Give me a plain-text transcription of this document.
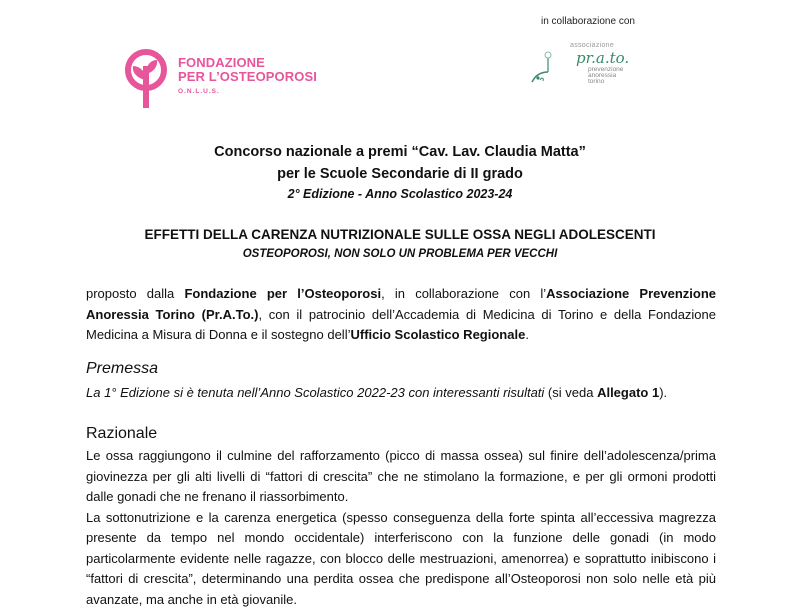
in collaborazione con
FONDAZIONE
PER L’OSTEOPOROSI
O.N.L.U.S.
associazione
pr.a.to.
prevenzione
anoressia
torino
Concorso nazionale a premi “Cav. Lav. Claudia Matta”
per le Scuole Secondarie di II grado
2° Edizione - Anno Scolastico 2023-24
EFFETTI DELLA CARENZA NUTRIZIONALE SULLE OSSA NEGLI ADOLESCENTI
OSTEOPOROSI, NON SOLO UN PROBLEMA PER VECCHI
proposto dalla Fondazione per l’Osteoporosi, in collaborazione con l’Associazione Prevenzione Anoressia Torino (Pr.A.To.), con il patrocinio dell’Accademia di Medicina di Torino e della Fondazione Medicina a Misura di Donna e il sostegno dell’Ufficio Scolastico Regionale.
Premessa
La 1° Edizione si è tenuta nell’Anno Scolastico 2022-23 con interessanti risultati (si veda Allegato 1).
Razionale

Le ossa raggiungono il culmine del rafforzamento (picco di massa ossea) sul finire dell’adolescenza/prima giovinezza per gli alti livelli di “fattori di crescita” che ne stimolano la formazione, e per gli ormoni prodotti dalle gonadi che ne frenano il riassorbimento.

La sottonutrizione e la carenza energetica (spesso conseguenza della forte spinta all’eccessiva magrezza presente da tempo nel mondo occidentale) interferiscono con la funzione delle gonadi (in modo particolarmente evidente nelle ragazze, con blocco delle mestruazioni, amenorrea) e soprattutto inibiscono i “fattori di crescita”, determinando una perdita ossea che predispone all’Osteoporosi non solo nelle età più avanzate, ma anche in età giovanile.
